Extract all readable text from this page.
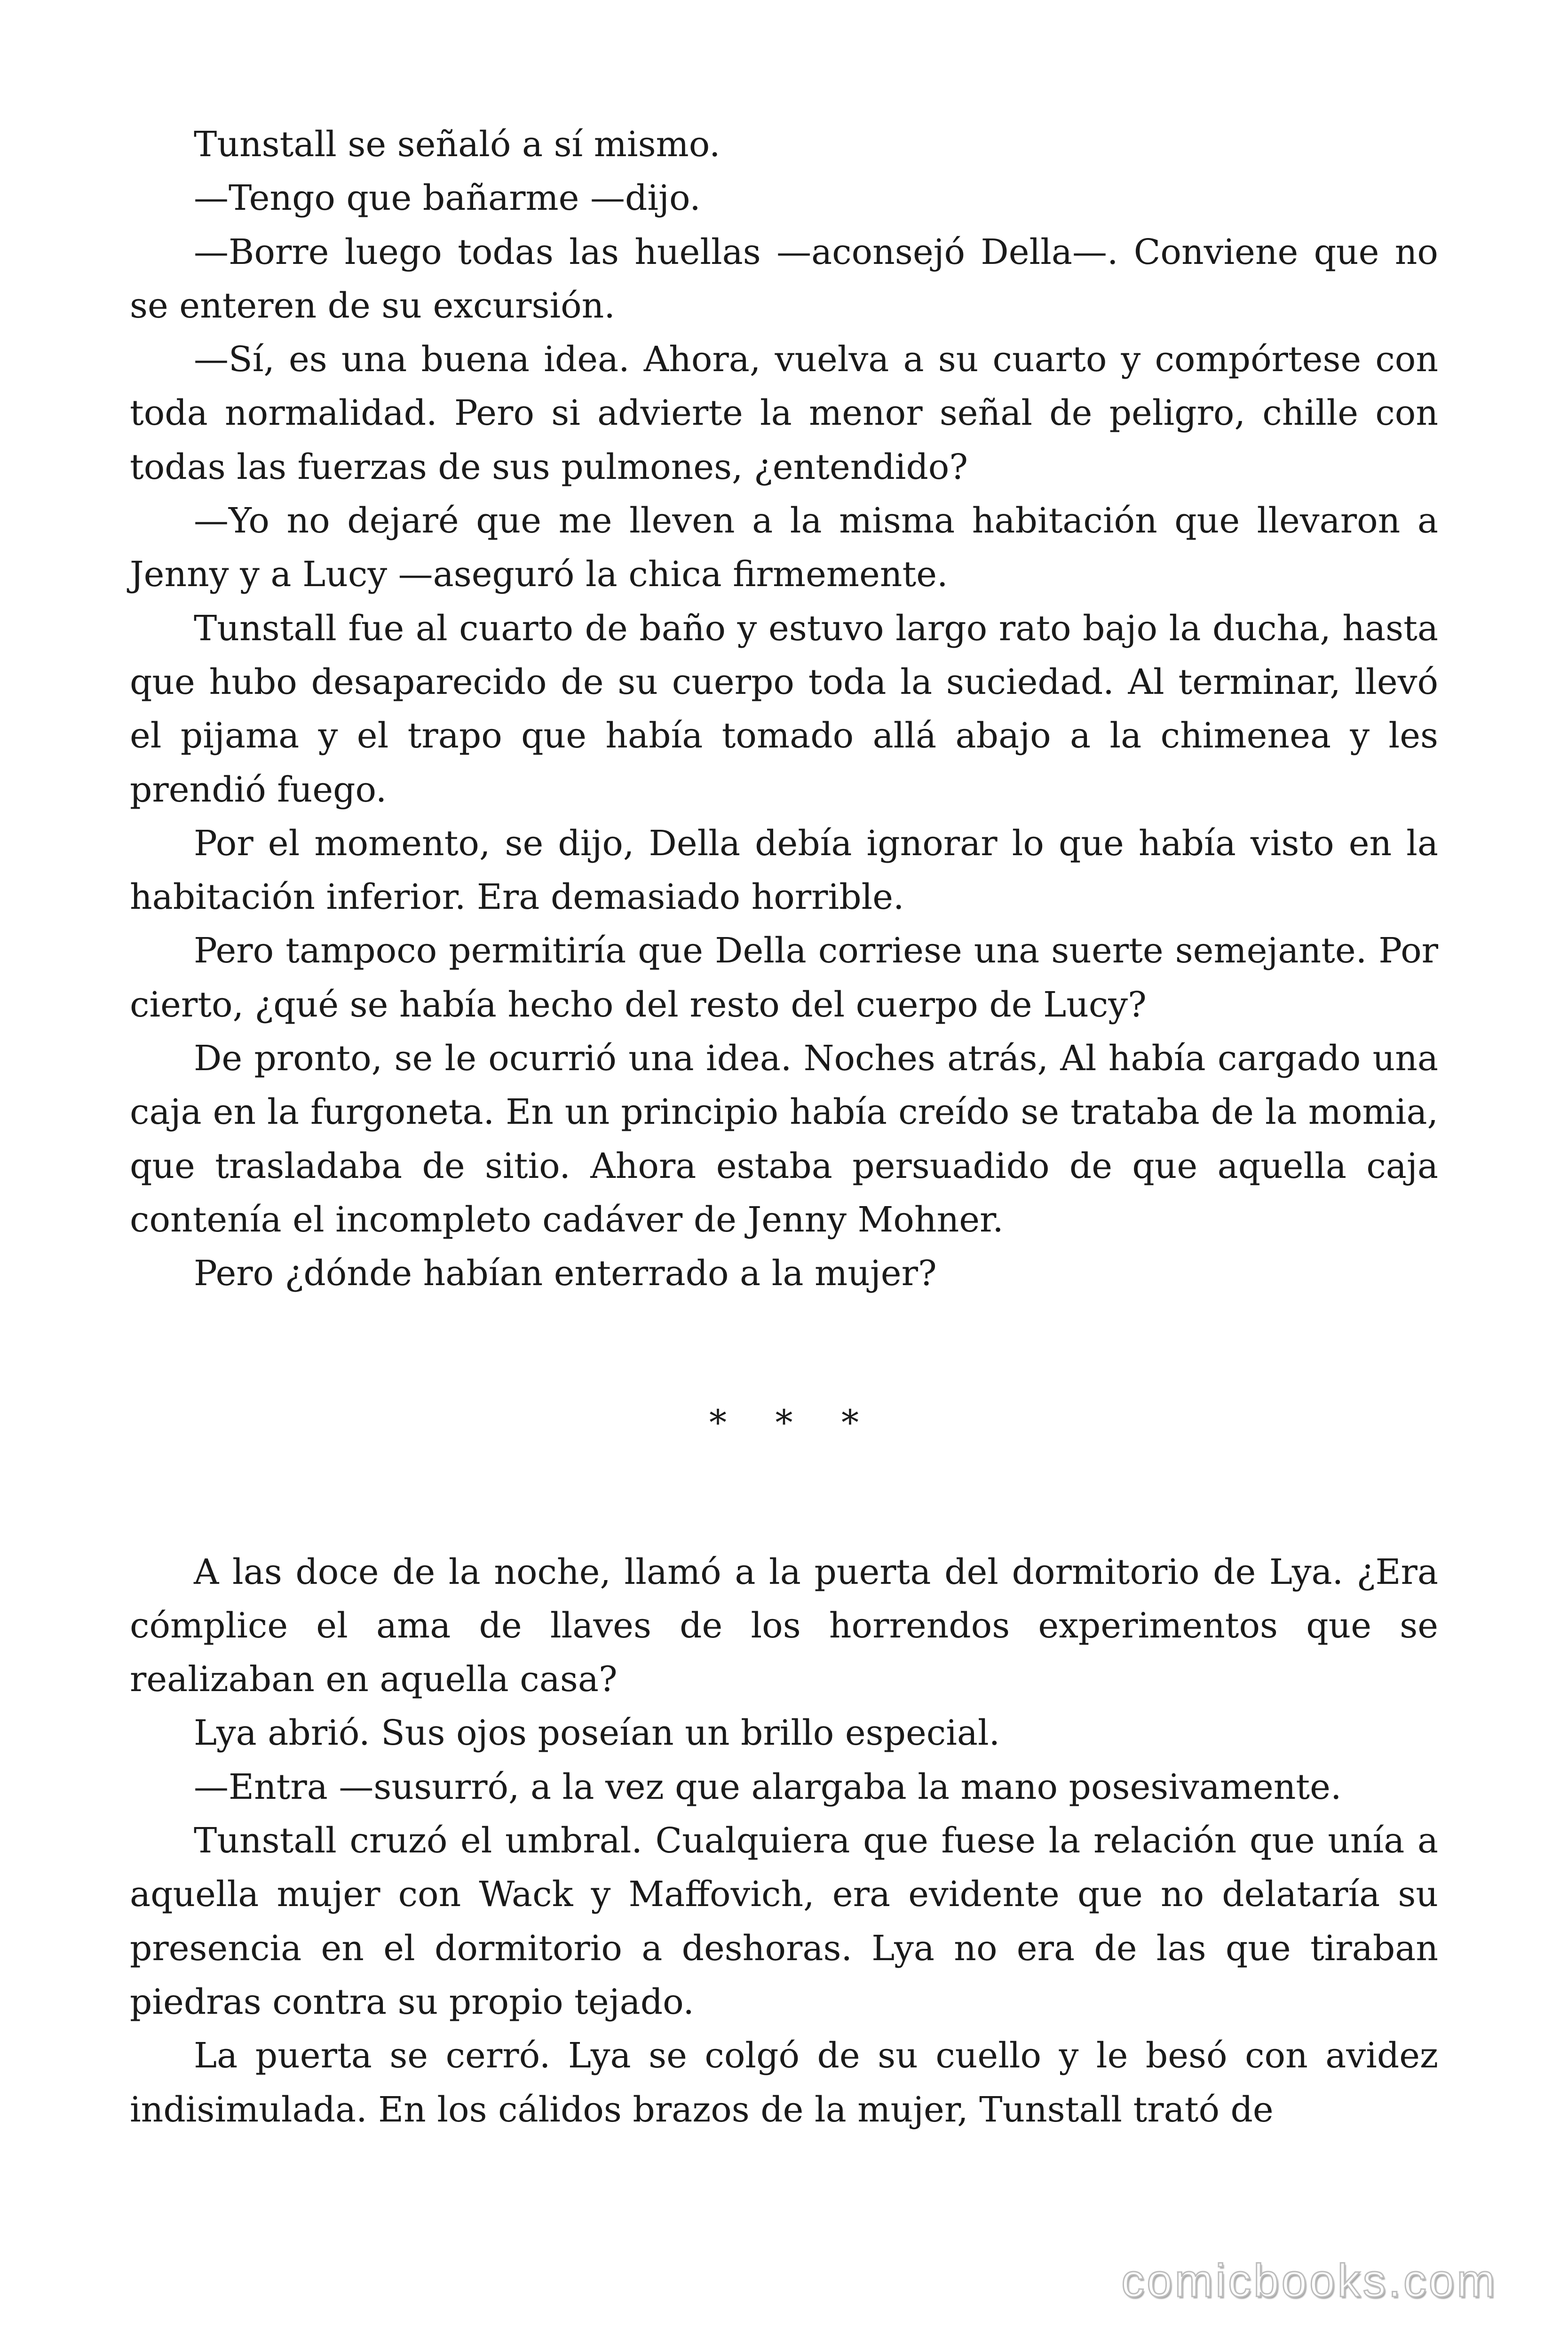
Tunstall se señaló a sí mismo.

—Tengo que bañarme —dijo.

—Borre luego todas las huellas —aconsejó Della—. Conviene que no se enteren de su excursión.

—Sí, es una buena idea. Ahora, vuelva a su cuarto y compórtese con toda normalidad. Pero si advierte la menor señal de peligro, chille con todas las fuerzas de sus pulmones, ¿entendido?

—Yo no dejaré que me lleven a la misma habitación que llevaron a Jenny y a Lucy —aseguró la chica firmemente.

Tunstall fue al cuarto de baño y estuvo largo rato bajo la ducha, hasta que hubo desaparecido de su cuerpo toda la suciedad. Al terminar, llevó el pijama y el trapo que había tomado allá abajo a la chimenea y les prendió fuego.

Por el momento, se dijo, Della debía ignorar lo que había visto en la habitación inferior. Era demasiado horrible.

Pero tampoco permitiría que Della corriese una suerte semejante. Por cierto, ¿qué se había hecho del resto del cuerpo de Lucy?

De pronto, se le ocurrió una idea. Noches atrás, Al había cargado una caja en la furgoneta. En un principio había creído se trataba de la momia, que trasladaba de sitio. Ahora estaba persuadido de que aquella caja contenía el incompleto cadáver de Jenny Mohner.

Pero ¿dónde habían enterrado a la mujer?

* * *

A las doce de la noche, llamó a la puerta del dormitorio de Lya. ¿Era cómplice el ama de llaves de los horrendos experimentos que se realizaban en aquella casa?

Lya abrió. Sus ojos poseían un brillo especial.

—Entra —susurró, a la vez que alargaba la mano posesivamente.

Tunstall cruzó el umbral. Cualquiera que fuese la relación que unía a aquella mujer con Wack y Maffovich, era evidente que no delataría su presencia en el dormitorio a deshoras. Lya no era de las que tiraban piedras contra su propio tejado.

La puerta se cerró. Lya se colgó de su cuello y le besó con avidez indisimulada. En los cálidos brazos de la mujer, Tunstall trató de

comicbooks.com
